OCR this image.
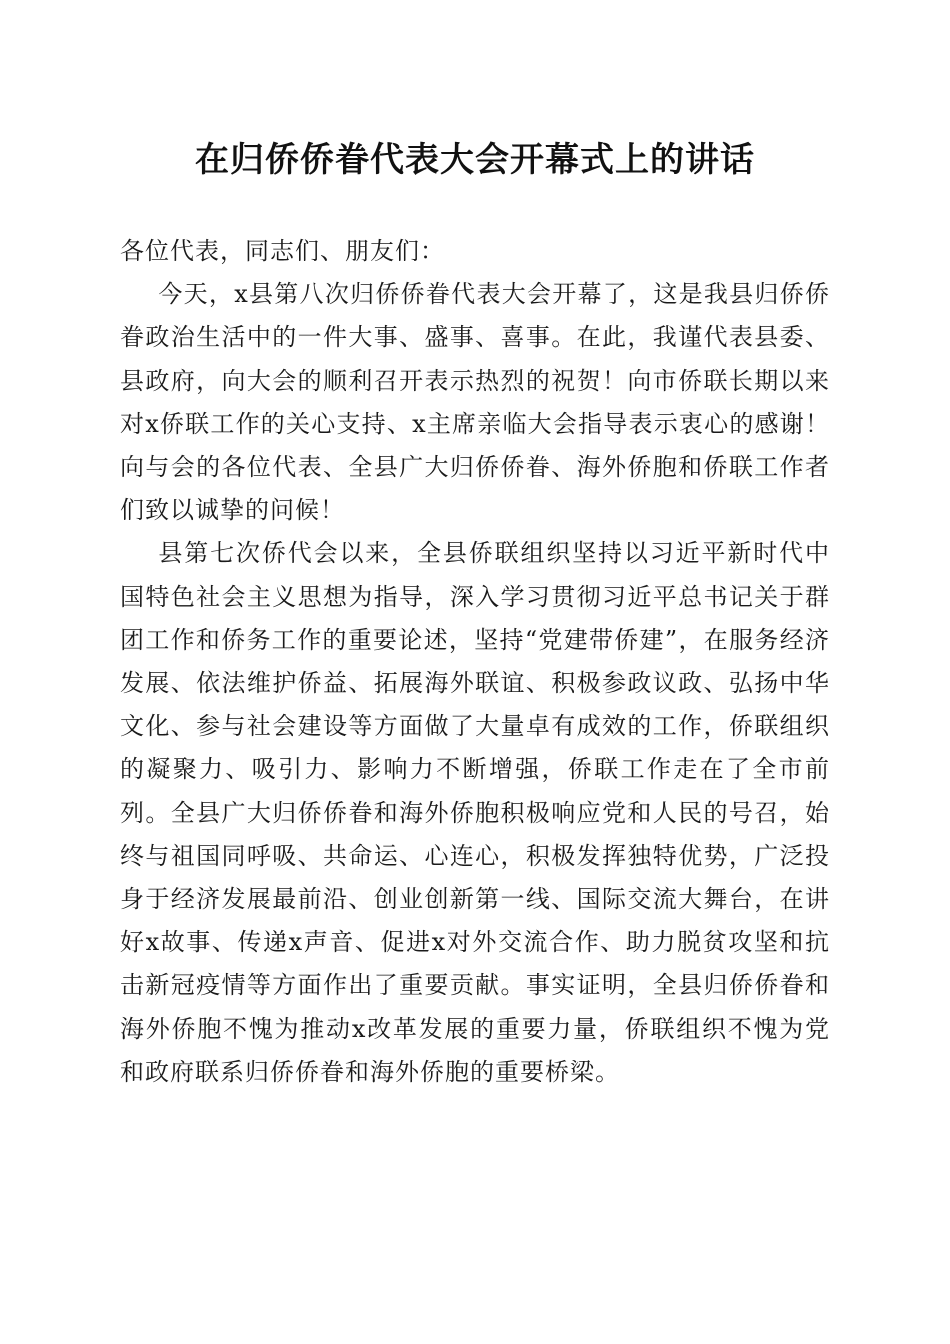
在归侨侨眷代表大会开幕式上的讲话

各位代表，同志们、朋友们：

今天，x县第八次归侨侨眷代表大会开幕了，这是我县归侨侨眷政治生活中的一件大事、盛事、喜事。在此，我谨代表县委、县政府，向大会的顺利召开表示热烈的祝贺！向市侨联长期以来对x侨联工作的关心支持、x主席亲临大会指导表示衷心的感谢！向与会的各位代表、全县广大归侨侨眷、海外侨胞和侨联工作者们致以诚挚的问候！

县第七次侨代会以来，全县侨联组织坚持以习近平新时代中国特色社会主义思想为指导，深入学习贯彻习近平总书记关于群团工作和侨务工作的重要论述，坚持“党建带侨建”，在服务经济发展、依法维护侨益、拓展海外联谊、积极参政议政、弘扬中华文化、参与社会建设等方面做了大量卓有成效的工作，侨联组织的凝聚力、吸引力、影响力不断增强，侨联工作走在了全市前列。全县广大归侨侨眷和海外侨胞积极响应党和人民的号召，始终与祖国同呼吸、共命运、心连心，积极发挥独特优势，广泛投身于经济发展最前沿、创业创新第一线、国际交流大舞台，在讲好x故事、传递x声音、促进x对外交流合作、助力脱贫攻坚和抗击新冠疫情等方面作出了重要贡献。事实证明，全县归侨侨眷和海外侨胞不愧为推动x改革发展的重要力量，侨联组织不愧为党和政府联系归侨侨眷和海外侨胞的重要桥梁。
